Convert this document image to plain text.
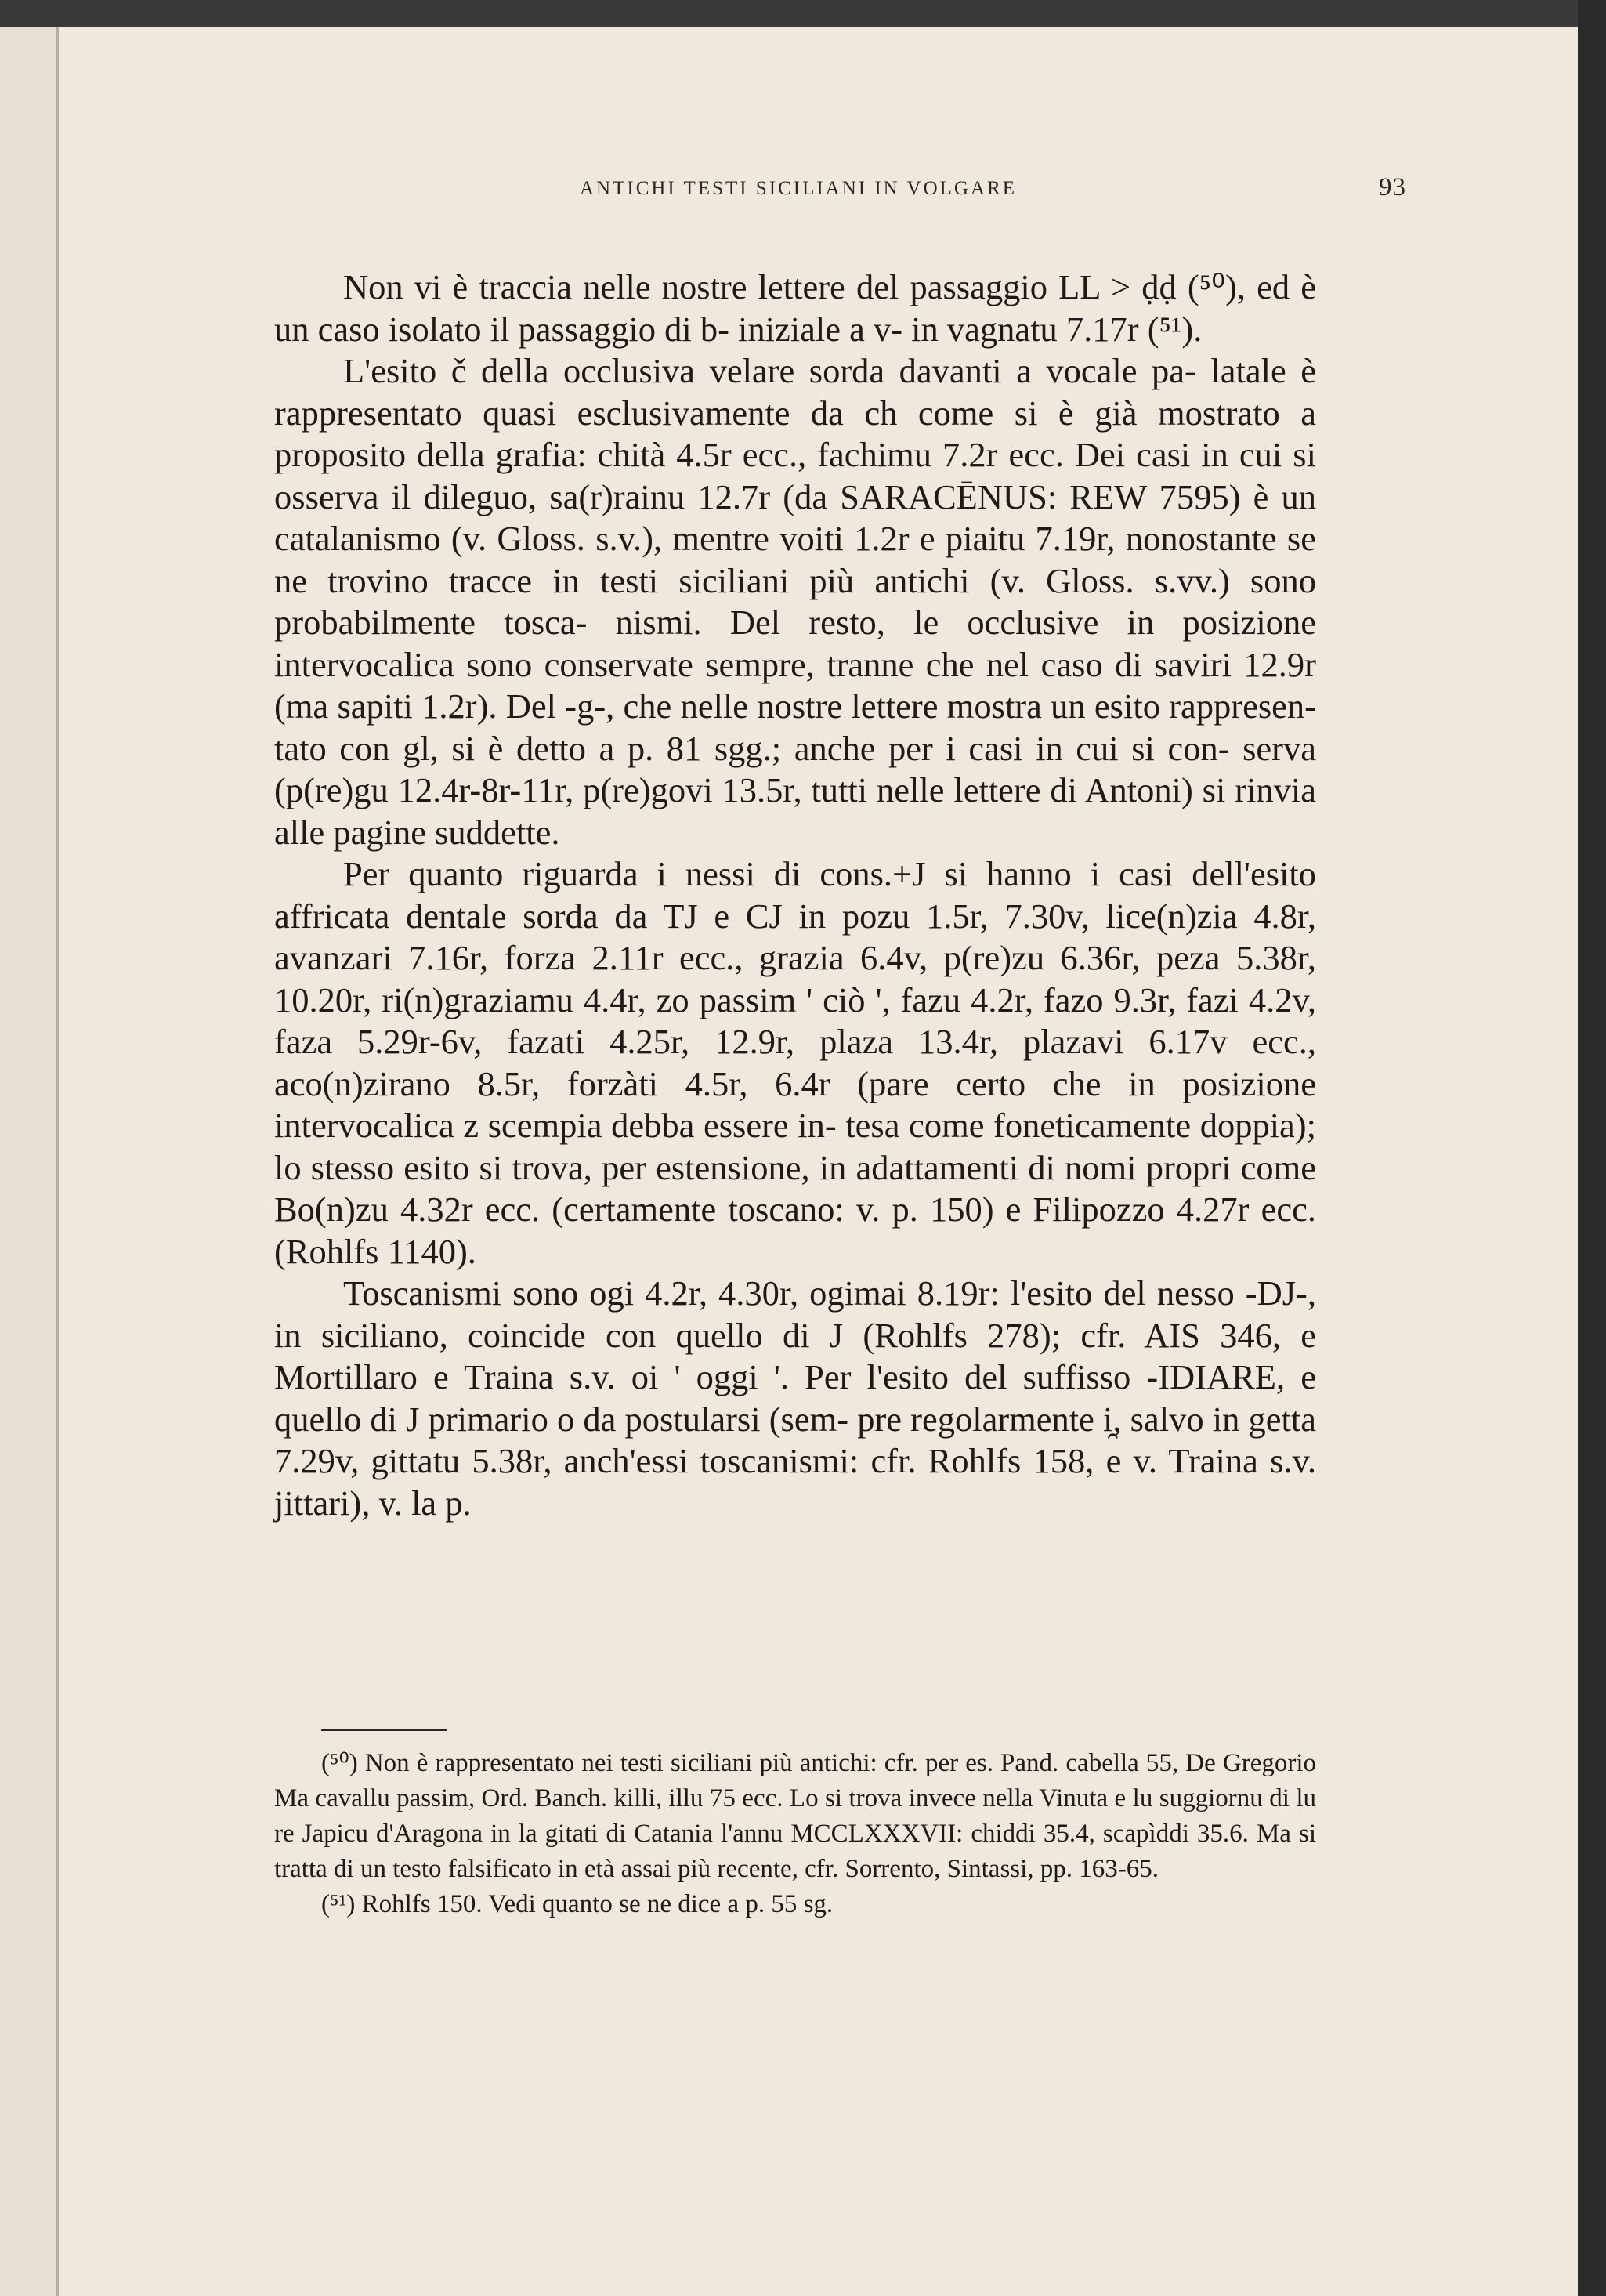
ANTICHI TESTI SICILIANI IN VOLGARE	93

Non vi è traccia nelle nostre lettere del passaggio LL > ḍḍ (⁵⁰), ed è un caso isolato il passaggio di b- iniziale a v- in vagnatu 7.17r (⁵¹).

L'esito č della occlusiva velare sorda davanti a vocale pa- latale è rappresentato quasi esclusivamente da ch come si è già mostrato a proposito della grafia: chità 4.5r ecc., fachimu 7.2r ecc. Dei casi in cui si osserva il dileguo, sa(r)rainu 12.7r (da SARACĒNUS: REW 7595) è un catalanismo (v. Gloss. s.v.), mentre voiti 1.2r e piaitu 7.19r, nonostante se ne trovino tracce in testi siciliani più antichi (v. Gloss. s.vv.) sono probabilmente tosca- nismi. Del resto, le occlusive in posizione intervocalica sono conservate sempre, tranne che nel caso di saviri 12.9r (ma sapiti 1.2r). Del -g-, che nelle nostre lettere mostra un esito rappresen- tato con gl, si è detto a p. 81 sgg.; anche per i casi in cui si con- serva (p(re)gu 12.4r-8r-11r, p(re)govi 13.5r, tutti nelle lettere di Antoni) si rinvia alle pagine suddette.

Per quanto riguarda i nessi di cons.+J si hanno i casi dell'esito affricata dentale sorda da TJ e CJ in pozu 1.5r, 7.30v, lice(n)zia 4.8r, avanzari 7.16r, forza 2.11r ecc., grazia 6.4v, p(re)zu 6.36r, peza 5.38r, 10.20r, ri(n)graziamu 4.4r, zo passim ' ciò ', fazu 4.2r, fazo 9.3r, fazi 4.2v, faza 5.29r-6v, fazati 4.25r, 12.9r, plaza 13.4r, plazavi 6.17v ecc., aco(n)zirano 8.5r, forzàti 4.5r, 6.4r (pare certo che in posizione intervocalica z scempia debba essere in- tesa come foneticamente doppia); lo stesso esito si trova, per estensione, in adattamenti di nomi propri come Bo(n)zu 4.32r ecc. (certamente toscano: v. p. 150) e Filipozzo 4.27r ecc. (Rohlfs 1140).

Toscanismi sono ogi 4.2r, 4.30r, ogimai 8.19r: l'esito del nesso -DJ-, in siciliano, coincide con quello di J (Rohlfs 278); cfr. AIS 346, e Mortillaro e Traina s.v. oi ' oggi '. Per l'esito del suffisso -IDIARE, e quello di J primario o da postularsi (sem- pre regolarmente i̯, salvo in getta 7.29v, gittatu 5.38r, anch'essi toscanismi: cfr. Rohlfs 158, e v. Traina s.v. jittari), v. la p.

(⁵⁰) Non è rappresentato nei testi siciliani più antichi: cfr. per es. Pand. cabella 55, De Gregorio Ma cavallu passim, Ord. Banch. killi, illu 75 ecc. Lo si trova invece nella Vinuta e lu suggiornu di lu re Japicu d'Aragona in la gitati di Catania l'annu MCCLXXXVII: chiddi 35.4, scapìddi 35.6. Ma si tratta di un testo falsificato in età assai più recente, cfr. Sorrento, Sintassi, pp. 163-65.

(⁵¹) Rohlfs 150. Vedi quanto se ne dice a p. 55 sg.
